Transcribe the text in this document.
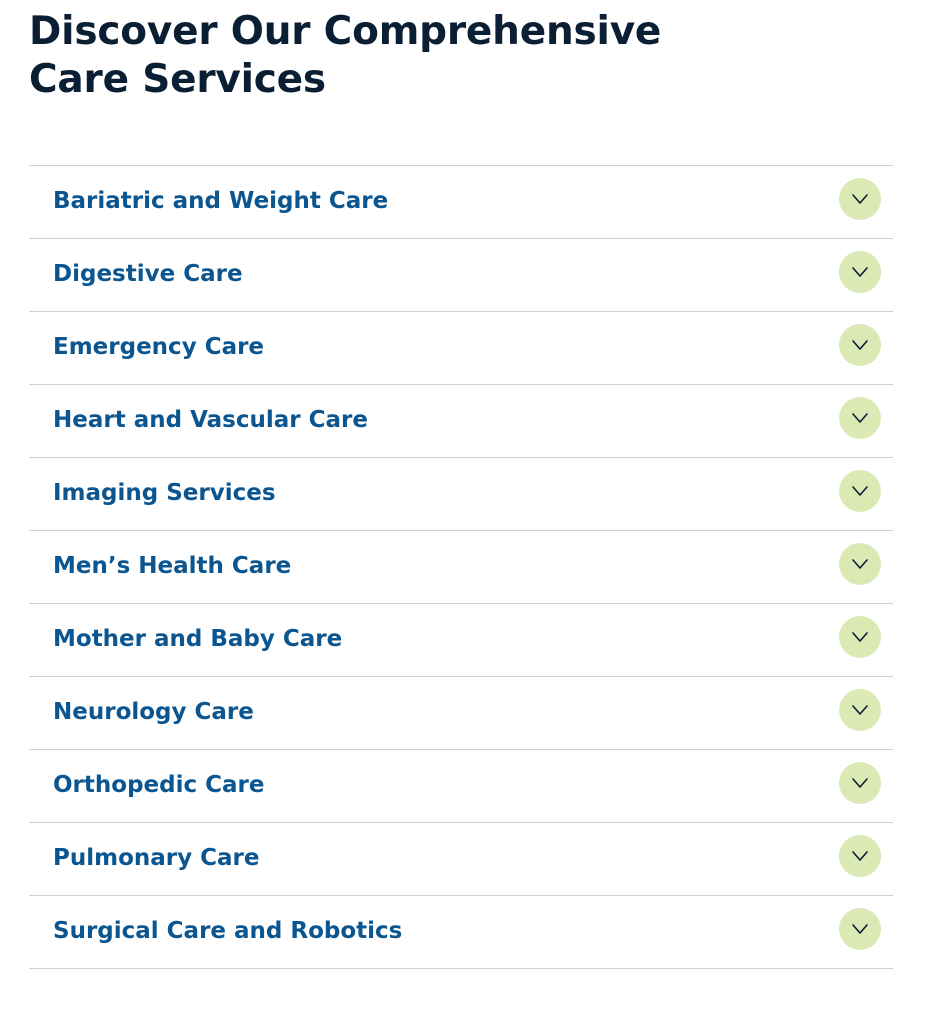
Discover Our Comprehensive
Care Services
Bariatric and Weight Care
Digestive Care
Emergency Care
Heart and Vascular Care
Imaging Services
Men’s Health Care
Mother and Baby Care
Neurology Care
Orthopedic Care
Pulmonary Care
Surgical Care and Robotics
